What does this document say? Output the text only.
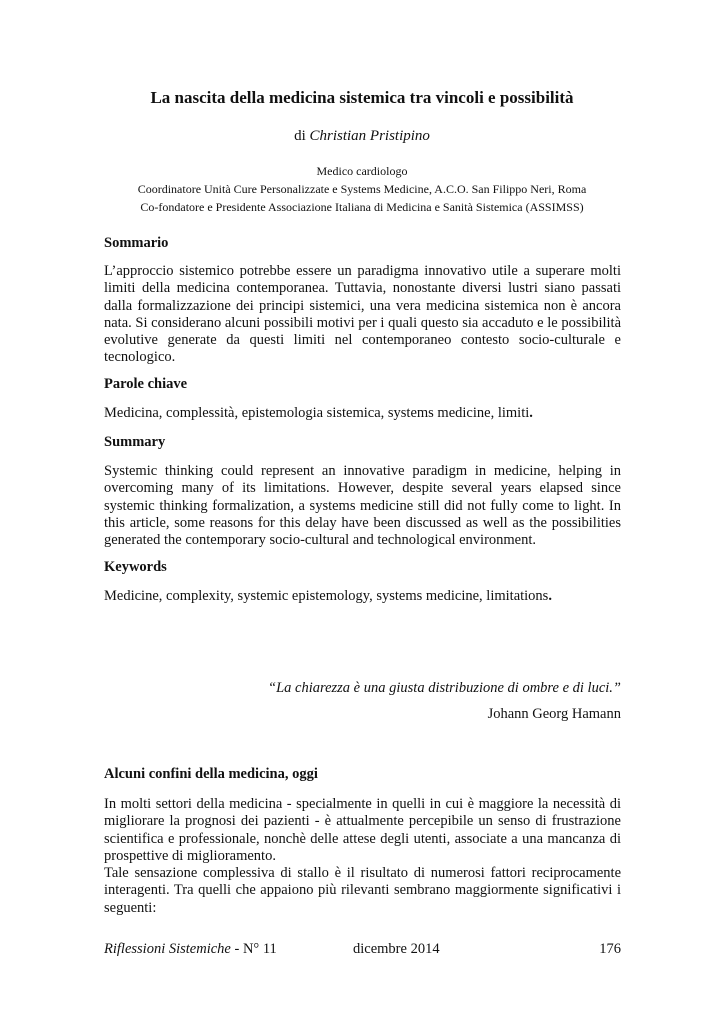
La nascita della medicina sistemica tra vincoli e possibilità
di Christian Pristipino
Medico cardiologo
Coordinatore Unità Cure Personalizzate e Systems Medicine, A.C.O. San Filippo Neri, Roma
Co-fondatore e Presidente Associazione Italiana di Medicina e Sanità Sistemica (ASSIMSS)
Sommario
L’approccio sistemico potrebbe essere un paradigma innovativo utile a superare molti limiti della medicina contemporanea. Tuttavia, nonostante diversi lustri siano passati dalla formalizzazione dei principi sistemici, una vera medicina sistemica non è ancora nata. Si considerano alcuni possibili motivi per i quali questo sia accaduto e le possibilità evolutive generate da questi limiti nel contemporaneo contesto socio-culturale e tecnologico.
Parole chiave
Medicina, complessità, epistemologia sistemica, systems medicine, limiti.
Summary
Systemic thinking could represent an innovative paradigm in medicine, helping in overcoming many of its limitations. However, despite several years elapsed since systemic thinking formalization, a systems medicine still did not fully come to light. In this article, some reasons for this delay have been discussed as well as the possibilities generated the contemporary socio-cultural and technological environment.
Keywords
Medicine, complexity, systemic epistemology, systems medicine, limitations.
“La chiarezza è una giusta distribuzione di ombre e di luci.”
Johann Georg Hamann
Alcuni confini della medicina, oggi
In molti settori della medicina - specialmente in quelli in cui è maggiore la necessità di migliorare la prognosi dei pazienti - è attualmente percepibile un senso di frustrazione scientifica e professionale, nonchè delle attese degli utenti, associate a una mancanza di prospettive di miglioramento.
Tale sensazione complessiva di stallo è il risultato di numerosi fattori reciprocamente interagenti. Tra quelli che appaiono più rilevanti sembrano maggiormente significativi i seguenti:
Riflessioni Sistemiche - N° 11	dicembre 2014	176
